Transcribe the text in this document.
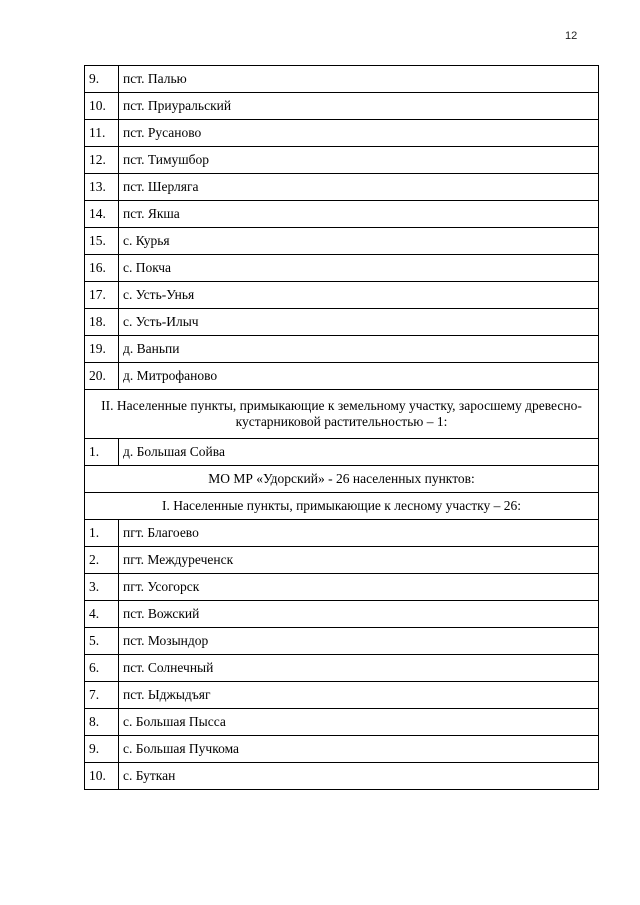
12
9.	пст. Палью
10.	пст. Приуральский
11.	пст. Русаново
12.	пст. Тимушбор
13.	пст. Шерляга
14.	пст. Якша
15.	с. Курья
16.	с. Покча
17.	с. Усть-Унья
18.	с. Усть-Илыч
19.	д. Ваньпи
20.	д. Митрофаново
II. Населенные пункты, примыкающие к земельному участку, заросшему древесно-кустарниковой растительностью – 1:	
1.	д. Большая Сойва
МО МР «Удорский» - 26 населенных пунктов:	
I. Населенные пункты, примыкающие к лесному участку – 26:	
1.	пгт. Благоево
2.	пгт. Междуреченск
3.	пгт. Усогорск
4.	пст. Вожский
5.	пст. Мозындор
6.	пст. Солнечный
7.	пст. Ыджыдъяг
8.	с. Большая Пысса
9.	с. Большая Пучкома
10.	с. Буткан
